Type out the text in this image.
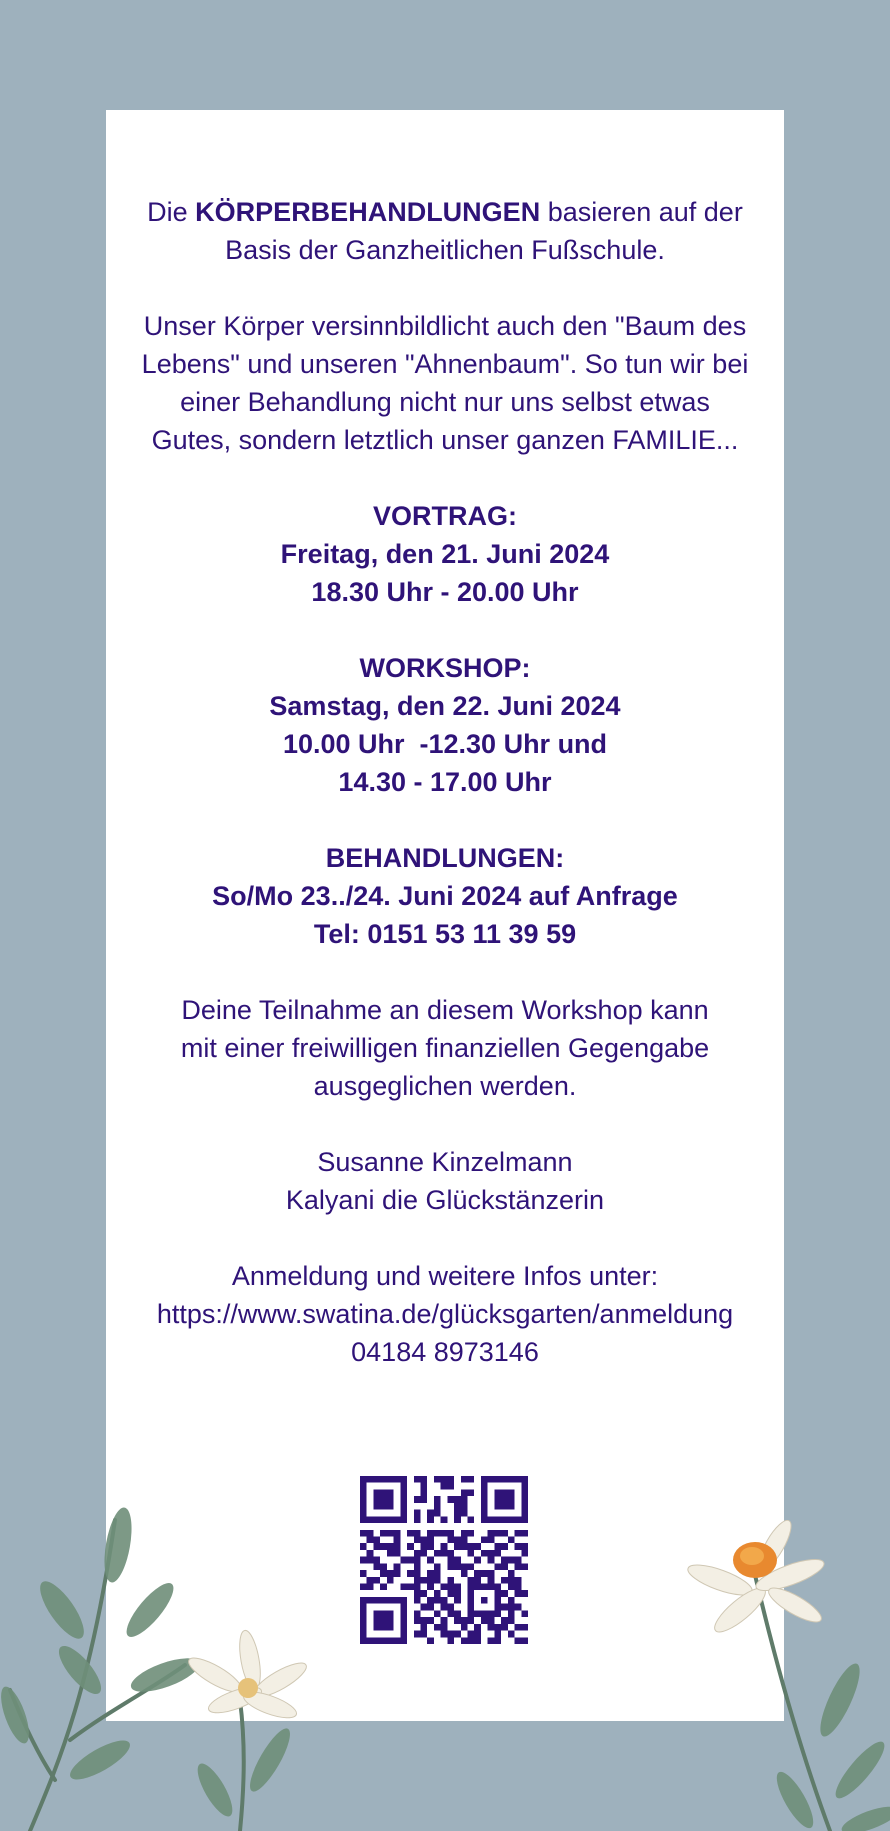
Die KÖRPERBEHANDLUNGEN basieren auf der
Basis der Ganzheitlichen Fußschule.

Unser Körper versinnbildlicht auch den "Baum des
Lebens" und unseren "Ahnenbaum". So tun wir bei
einer Behandlung nicht nur uns selbst etwas
Gutes, sondern letztlich unser ganzen FAMILIE...

VORTRAG:
Freitag, den 21. Juni 2024
18.30 Uhr - 20.00 Uhr

WORKSHOP:
Samstag, den 22. Juni 2024
10.00 Uhr  -12.30 Uhr und
14.30 - 17.00 Uhr

BEHANDLUNGEN:
So/Mo 23../24. Juni 2024 auf Anfrage
Tel: 0151 53 11 39 59

Deine Teilnahme an diesem Workshop kann
mit einer freiwilligen finanziellen Gegengabe
ausgeglichen werden.

Susanne Kinzelmann
Kalyani die Glückstänzerin

Anmeldung und weitere Infos unter:
https://www.swatina.de/glücksgarten/anmeldung
04184 8973146
